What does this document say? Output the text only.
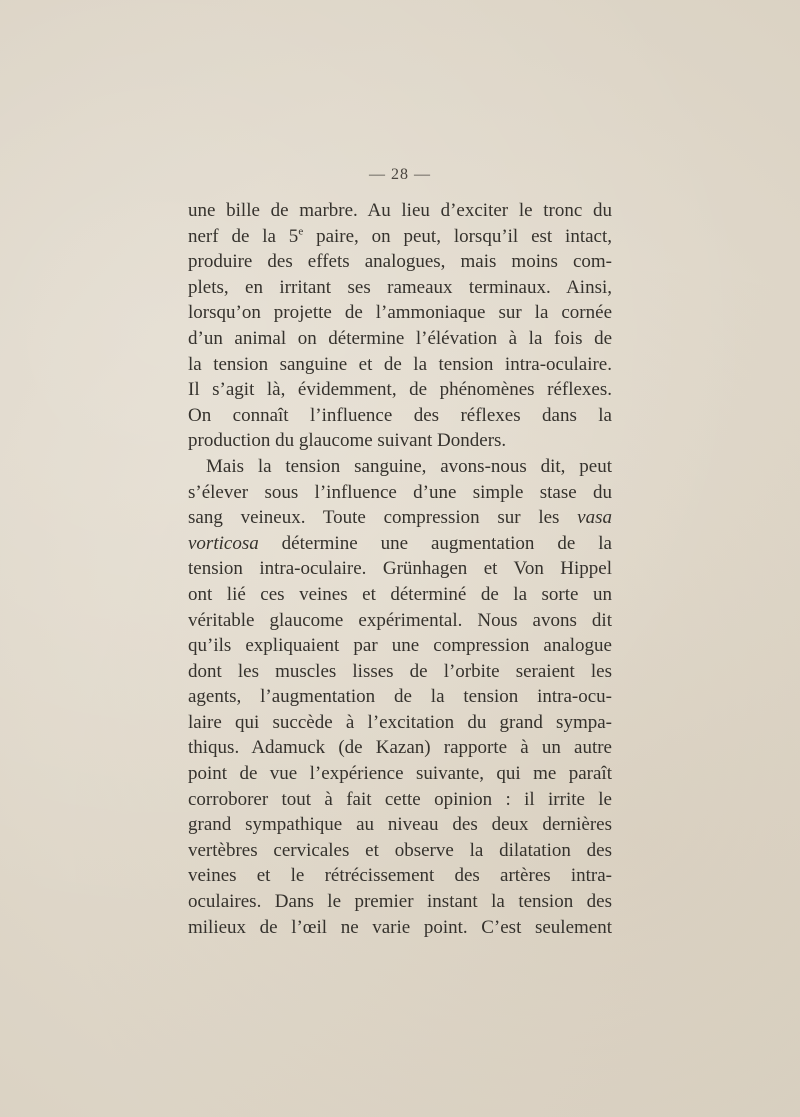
— 28 —
une bille de marbre. Au lieu d’exciter le tronc du
nerf de la 5e paire, on peut, lorsqu’il est intact,
produire des effets analogues, mais moins com-
plets, en irritant ses rameaux terminaux. Ainsi,
lorsqu’on projette de l’ammoniaque sur la cornée
d’un animal on détermine l’élévation à la fois de
la tension sanguine et de la tension intra-oculaire.
Il s’agit là, évidemment, de phénomènes réflexes.
On connaît l’influence des réflexes dans la
production du glaucome suivant Donders.
Mais la tension sanguine, avons-nous dit, peut
s’élever sous l’influence d’une simple stase du
sang veineux. Toute compression sur les vasa
vorticosa détermine une augmentation de la
tension intra-oculaire. Grünhagen et Von Hippel
ont lié ces veines et déterminé de la sorte un
véritable glaucome expérimental. Nous avons dit
qu’ils expliquaient par une compression analogue
dont les muscles lisses de l’orbite seraient les
agents, l’augmentation de la tension intra-ocu-
laire qui succède à l’excitation du grand sympa-
thiqus. Adamuck (de Kazan) rapporte à un autre
point de vue l’expérience suivante, qui me paraît
corroborer tout à fait cette opinion : il irrite le
grand sympathique au niveau des deux dernières
vertèbres cervicales et observe la dilatation des
veines et le rétrécissement des artères intra-
oculaires. Dans le premier instant la tension des
milieux de l’œil ne varie point. C’est seulement
